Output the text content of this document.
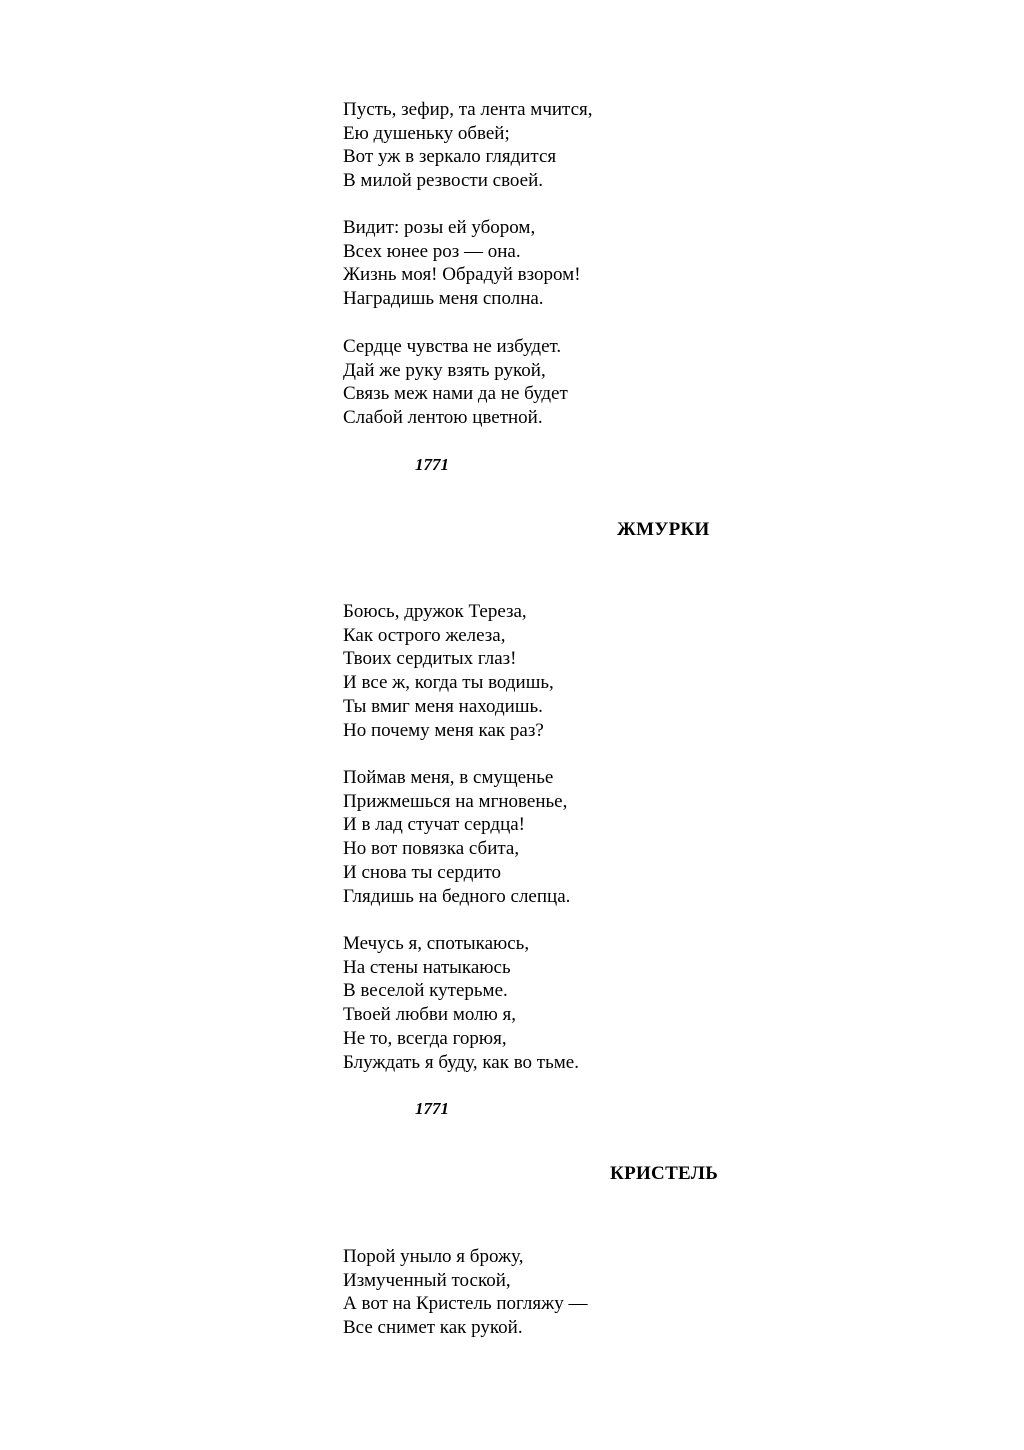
Пусть, зефир, та лента мчится,
Ею душеньку обвей;
Вот уж в зеркало глядится
В милой резвости своей.
Видит: розы ей убором,
Всех юнее роз — она.
Жизнь моя! Обрадуй взором!
Наградишь меня сполна.
Сердце чувства не избудет.
Дай же руку взять рукой,
Связь меж нами да не будет
Слабой лентою цветной.
1771
ЖМУРКИ
Боюсь, дружок Тереза,
Как острого железа,
Твоих сердитых глаз!
И все ж, когда ты водишь,
Ты вмиг меня находишь.
Но почему меня как раз?
Поймав меня, в смущенье
Прижмешься на мгновенье,
И в лад стучат сердца!
Но вот повязка сбита,
И снова ты сердито
Глядишь на бедного слепца.
Мечусь я, спотыкаюсь,
На стены натыкаюсь
В веселой кутерьме.
Твоей любви молю я,
Не то, всегда горюя,
Блуждать я буду, как во тьме.
1771
КРИСТЕЛЬ
Порой уныло я брожу,
Измученный тоской,
А вот на Кристель погляжу —
Все снимет как рукой.
